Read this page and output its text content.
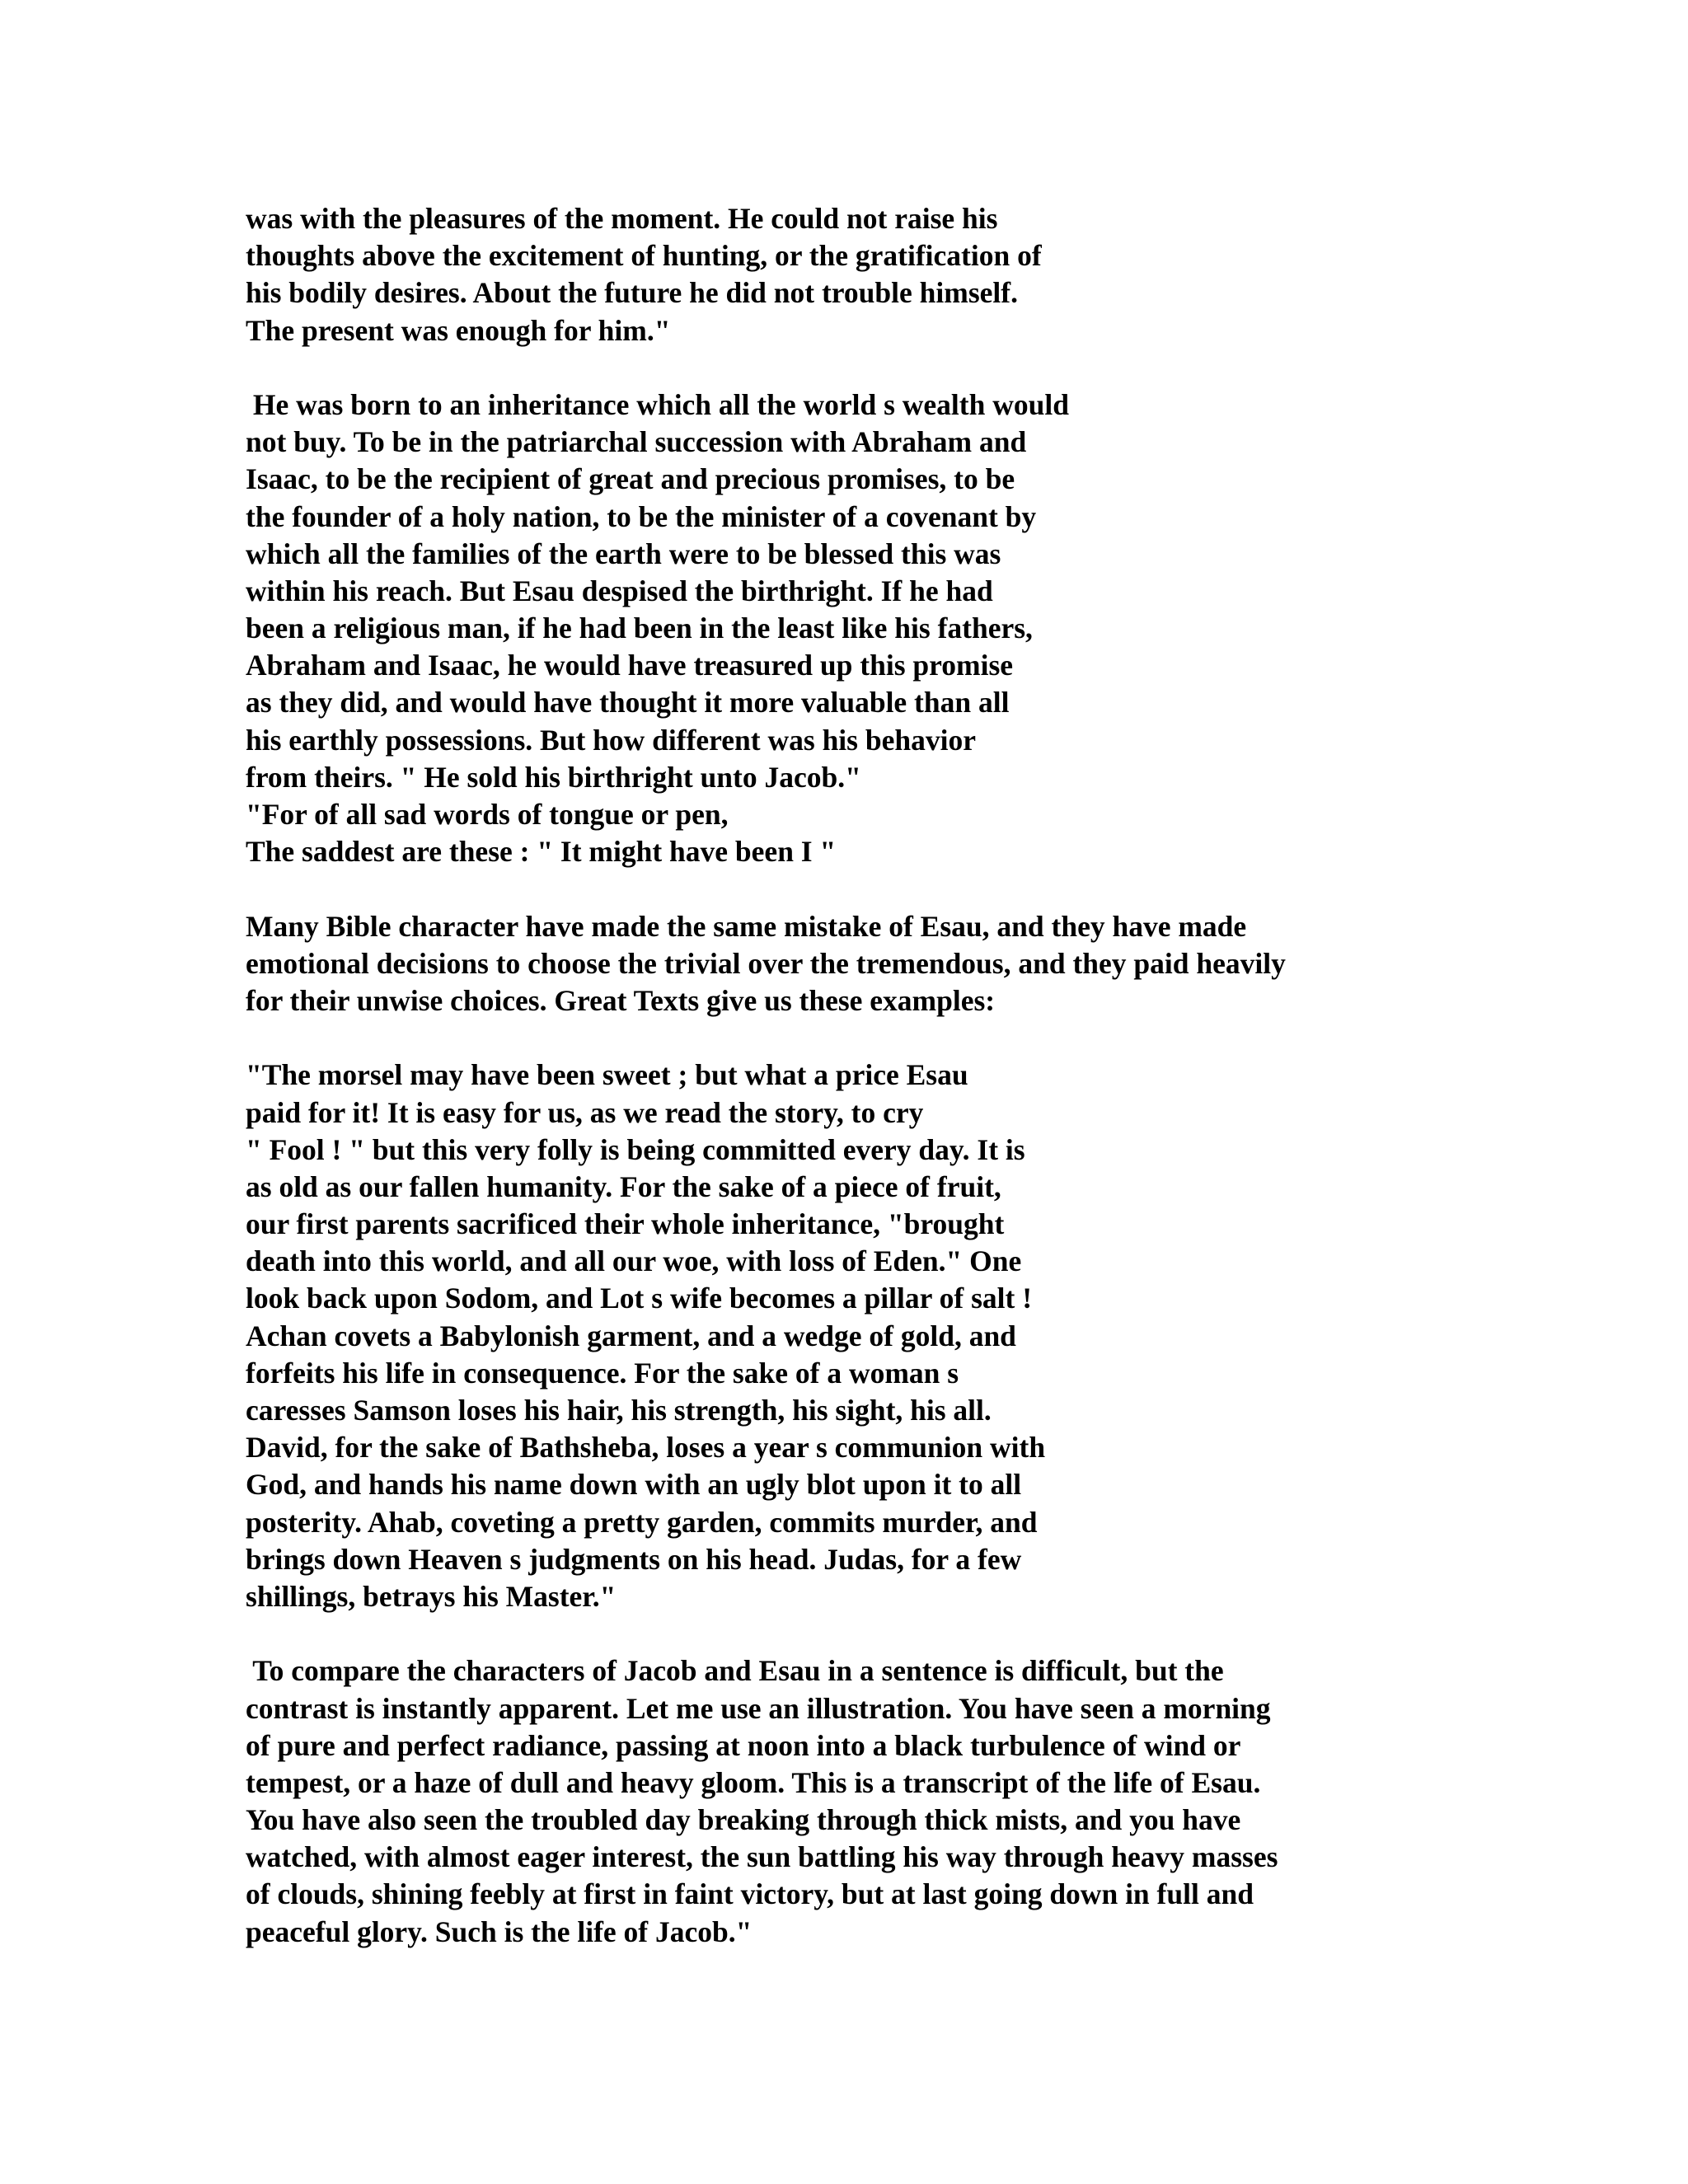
was with the pleasures of the moment. He could not raise his
thoughts above the excitement of hunting, or the gratification of
his bodily desires. About the future he did not trouble himself.
The present was enough for him."
He was born to an inheritance which all the world s wealth would
not buy. To be in the patriarchal succession with Abraham and
Isaac, to be the recipient of great and precious promises, to be
the founder of a holy nation, to be the minister of a covenant by
which all the families of the earth were to be blessed this was
within his reach. But Esau despised the birthright. If he had
been a religious man, if he had been in the least like his fathers,
Abraham and Isaac, he would have treasured up this promise
as they did, and would have thought it more valuable than all
his earthly possessions. But how different was his behavior
from theirs. " He sold his birthright unto Jacob."
"For of all sad words of tongue or pen,
The saddest are these : " It might have been I "
Many Bible character have made the same mistake of Esau, and they have made
emotional decisions to choose the trivial over the tremendous, and they paid heavily
for their unwise choices. Great Texts give us these examples:
"The morsel may have been sweet ; but what a price Esau
paid for it! It is easy for us, as we read the story, to cry
" Fool ! " but this very folly is being committed every day. It is
as old as our fallen humanity. For the sake of a piece of fruit,
our first parents sacrificed their whole inheritance, "brought
death into this world, and all our woe, with loss of Eden." One
look back upon Sodom, and Lot s wife becomes a pillar of salt !
Achan covets a Babylonish garment, and a wedge of gold, and
forfeits his life in consequence. For the sake of a woman s
caresses Samson loses his hair, his strength, his sight, his all.
David, for the sake of Bathsheba, loses a year s communion with
God, and hands his name down with an ugly blot upon it to all
posterity. Ahab, coveting a pretty garden, commits murder, and
brings down Heaven s judgments on his head. Judas, for a few
shillings, betrays his Master."
To compare the characters of Jacob and Esau in a sentence is difficult, but the
contrast is instantly apparent. Let me use an illustration. You have seen a morning
of pure and perfect radiance, passing at noon into a black turbulence of wind or
tempest, or a haze of dull and heavy gloom. This is a transcript of the life of Esau.
You have also seen the troubled day breaking through thick mists, and you have
watched, with almost eager interest, the sun battling his way through heavy masses
of clouds, shining feebly at first in faint victory, but at last going down in full and
peaceful glory. Such is the life of Jacob."
